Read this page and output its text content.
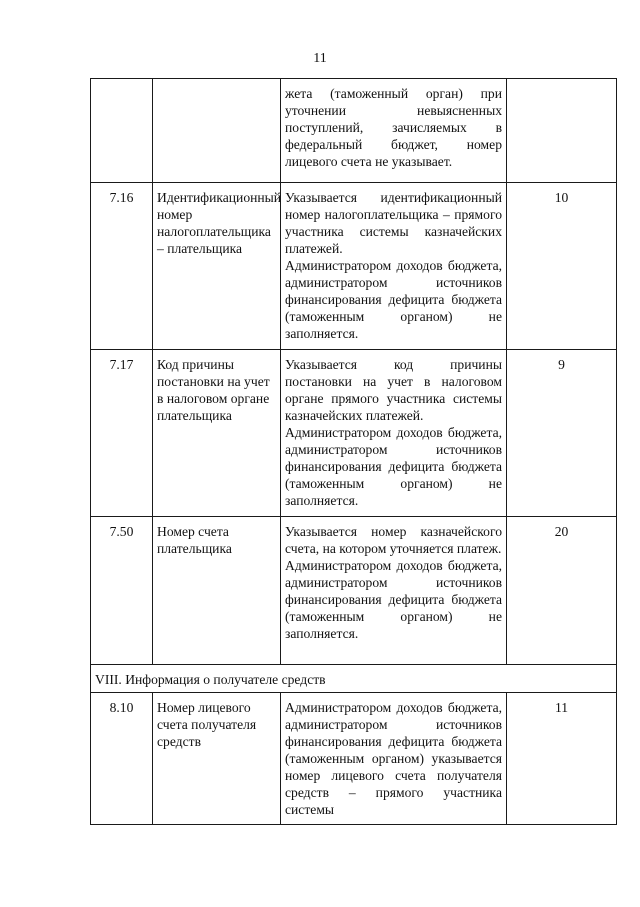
11

		жета (таможенный орган) при уточнении невыясненных поступлений, зачисляемых в федеральный бюджет, номер лицевого счета не указывает.	

7.16	Идентификационный номер налогоплательщика – плательщика	Указывается идентификационный номер налогоплательщика – прямого участника системы казначейских платежей.
Администратором доходов бюджета, администратором источников финансирования дефицита бюджета (таможенным органом) не заполняется.	10
7.17	Код причины постановки на учет в налоговом органе плательщика	Указывается код причины постановки на учет в налоговом органе прямого участника системы казначейских платежей.
Администратором доходов бюджета, администратором источников финансирования дефицита бюджета (таможенным органом) не заполняется.	9
7.50	Номер счета плательщика	Указывается номер казначейского счета, на котором уточняется платеж.
Администратором доходов бюджета, администратором источников финансирования дефицита бюджета (таможенным органом) не заполняется.	20
VIII. Информация о получателе средств			
8.10	Номер лицевого счета получателя средств	Администратором доходов бюджета, администратором источников финансирования дефицита бюджета (таможенным органом) указывается номер лицевого счета получателя средств – прямого участника системы	11
